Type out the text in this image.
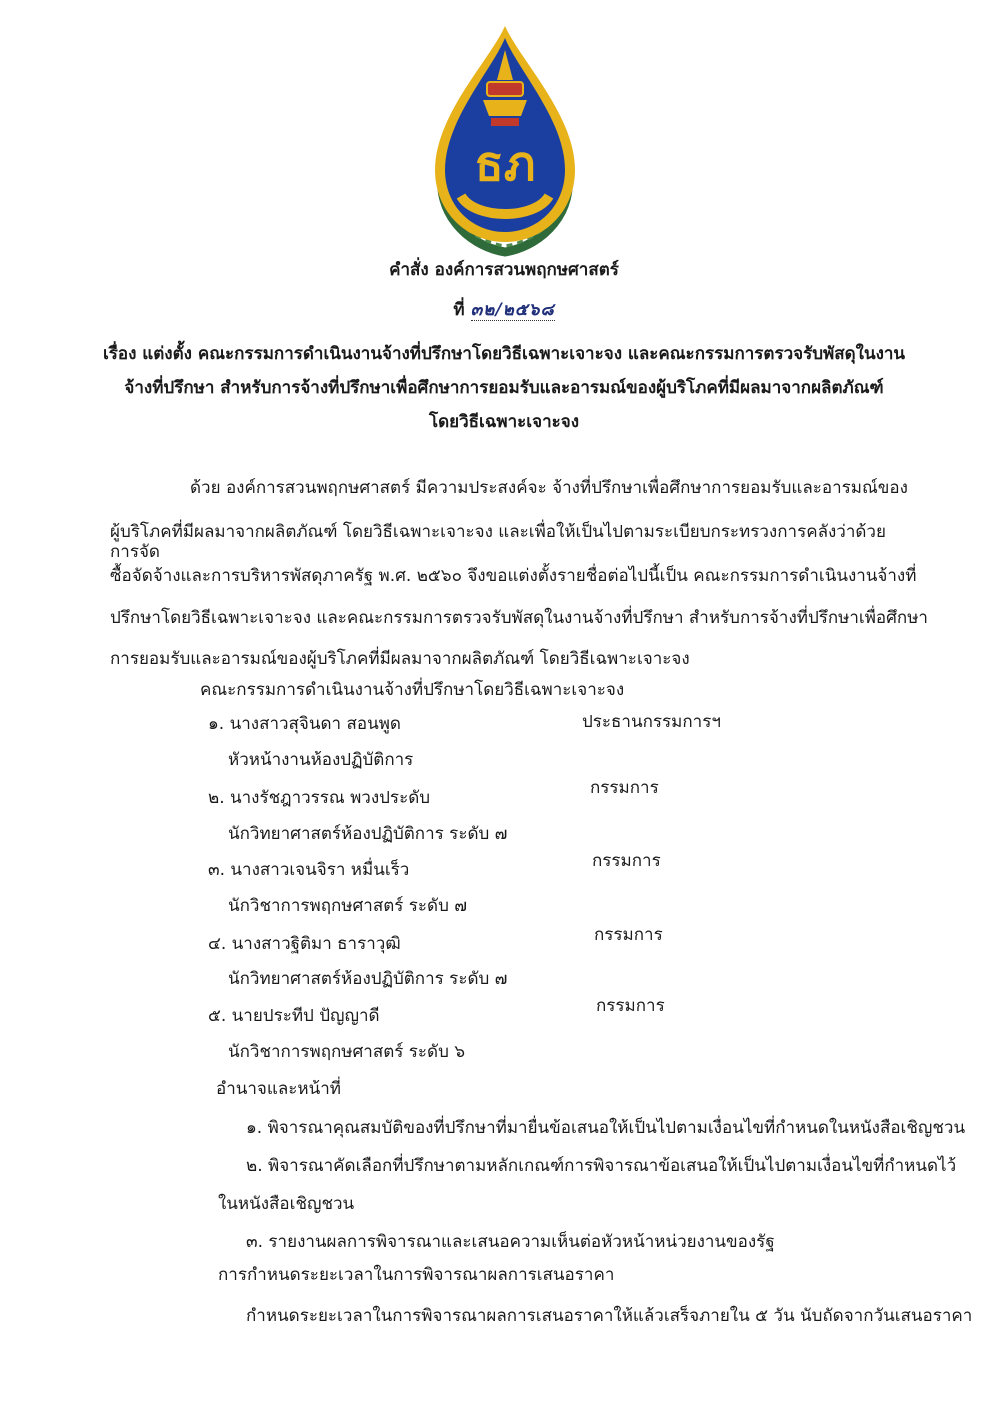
ธภ
คำสั่ง องค์การสวนพฤกษศาสตร์
ที่ ๓๒/๒๕๖๘
เรื่อง แต่งตั้ง คณะกรรมการดำเนินงานจ้างที่ปรึกษาโดยวิธีเฉพาะเจาะจง และคณะกรรมการตรวจรับพัสดุในงาน
จ้างที่ปรึกษา สำหรับการจ้างที่ปรึกษาเพื่อศึกษาการยอมรับและอารมณ์ของผู้บริโภคที่มีผลมาจากผลิตภัณฑ์
โดยวิธีเฉพาะเจาะจง
ด้วย องค์การสวนพฤกษศาสตร์ มีความประสงค์จะ จ้างที่ปรึกษาเพื่อศึกษาการยอมรับและอารมณ์ของ
ผู้บริโภคที่มีผลมาจากผลิตภัณฑ์ โดยวิธีเฉพาะเจาะจง และเพื่อให้เป็นไปตามระเบียบกระทรวงการคลังว่าด้วยการจัด
ซื้อจัดจ้างและการบริหารพัสดุภาครัฐ พ.ศ. ๒๕๖๐ จึงขอแต่งตั้งรายชื่อต่อไปนี้เป็น คณะกรรมการดำเนินงานจ้างที่
ปรึกษาโดยวิธีเฉพาะเจาะจง และคณะกรรมการตรวจรับพัสดุในงานจ้างที่ปรึกษา สำหรับการจ้างที่ปรึกษาเพื่อศึกษา
การยอมรับและอารมณ์ของผู้บริโภคที่มีผลมาจากผลิตภัณฑ์ โดยวิธีเฉพาะเจาะจง
คณะกรรมการดำเนินงานจ้างที่ปรึกษาโดยวิธีเฉพาะเจาะจง
๑. นางสาวสุจินดา สอนพูด	ประธานกรรมการฯ
หัวหน้างานห้องปฏิบัติการ
๒. นางรัชฎาวรรณ พวงประดับ	กรรมการ
นักวิทยาศาสตร์ห้องปฏิบัติการ ระดับ ๗
๓. นางสาวเจนจิรา หมื่นเร็ว	กรรมการ
นักวิชาการพฤกษศาสตร์ ระดับ ๗
๔. นางสาวฐิติมา ธาราวุฒิ	กรรมการ
นักวิทยาศาสตร์ห้องปฏิบัติการ ระดับ ๗
๕. นายประทีป ปัญญาดี	กรรมการ
นักวิชาการพฤกษศาสตร์ ระดับ ๖
อำนาจและหน้าที่
๑. พิจารณาคุณสมบัติของที่ปรึกษาที่มายื่นข้อเสนอให้เป็นไปตามเงื่อนไขที่กำหนดในหนังสือเชิญชวน
๒. พิจารณาคัดเลือกที่ปรึกษาตามหลักเกณฑ์การพิจารณาข้อเสนอให้เป็นไปตามเงื่อนไขที่กำหนดไว้
ในหนังสือเชิญชวน
๓. รายงานผลการพิจารณาและเสนอความเห็นต่อหัวหน้าหน่วยงานของรัฐ
การกำหนดระยะเวลาในการพิจารณาผลการเสนอราคา
กำหนดระยะเวลาในการพิจารณาผลการเสนอราคาให้แล้วเสร็จภายใน ๕ วัน นับถัดจากวันเสนอราคา
